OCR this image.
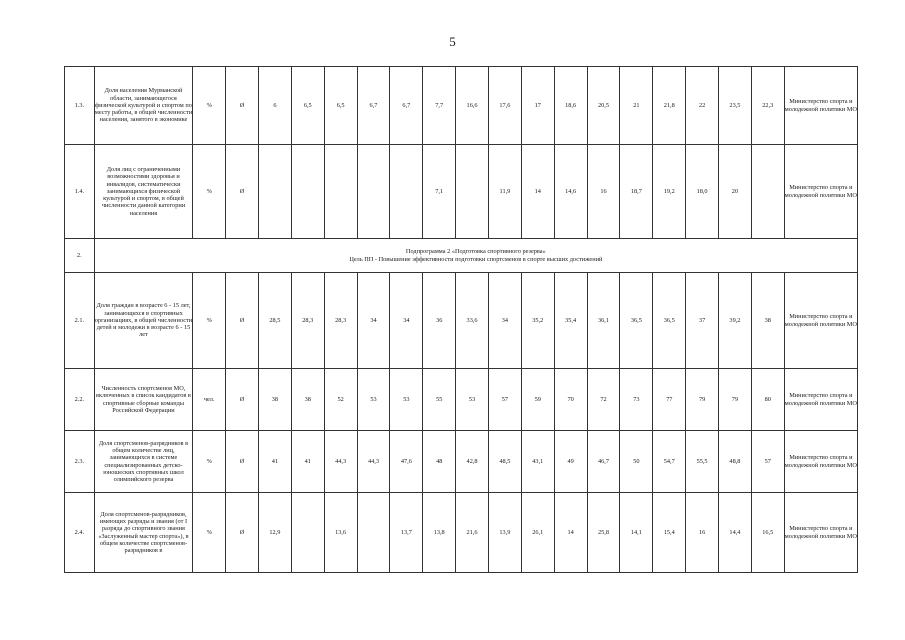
5
1.3.	Доля населения Мурманской области, занимающегося физической культурой и спортом по месту работы, в общей численности населения, занятого в экономике	%	Ø	6	6,5	6,5	6,7	6,7	7,7	16,6	17,6	17	18,6	20,5	21	21,8	22	23,5	22,3	Министерство спорта и молодежной политики МО
1.4.	Доля лиц с ограниченными возможностями здоровья и инвалидов, систематически занимающихся физической культурой и спортом, в общей численности данной категории населения	%	Ø						7,1		11,9	14	14,6	16	18,7	19,2	18,0	20		Министерство спорта и молодежной политики МО
2.	Подпрограмма 2 «Подготовка спортивного резерва»
Цель ПП - Повышение эффективности подготовки спортсменов в спорте высших достижений																			

2.1.	Доля граждан в возрасте 6 - 15 лет, занимающихся в спортивных организациях, в общей численности детей и молодежи в возрасте 6 - 15 лет	%	Ø	28,5	28,3	28,3	34	34	36	33,6	34	35,2	35,4	36,1	36,5	36,5	37	39,2	38	Министерство спорта и молодежной политики МО
2.2.	Численность спортсменов МО, включенных в список кандидатов в спортивные сборные команды Российской Федерации	чел.	Ø	38	38	52	53	53	55	53	57	59	70	72	73	77	79	79	80	Министерство спорта и молодежной политики МО
2.3.	Доля спортсменов-разрядников в общем количестве лиц, занимающихся в системе специализированных детско-юношеских спортивных школ олимпийского резерва	%	Ø	41	41	44,3	44,3	47,6	48	42,8	48,5	43,1	49	46,7	50	54,7	55,5	48,8	57	Министерство спорта и молодежной политики МО
2.4.	Доля спортсменов-разрядников, имеющих разряды и звания (от I разряда до спортивного звания «Заслуженный мастер спорта»), в общем количестве спортсменов-разрядников в	%	Ø	12,9		13,6		13,7	13,8	21,6	13,9	26,1	14	25,8	14,1	15,4	16	14,4	16,5	Министерство спорта и молодежной политики МО
